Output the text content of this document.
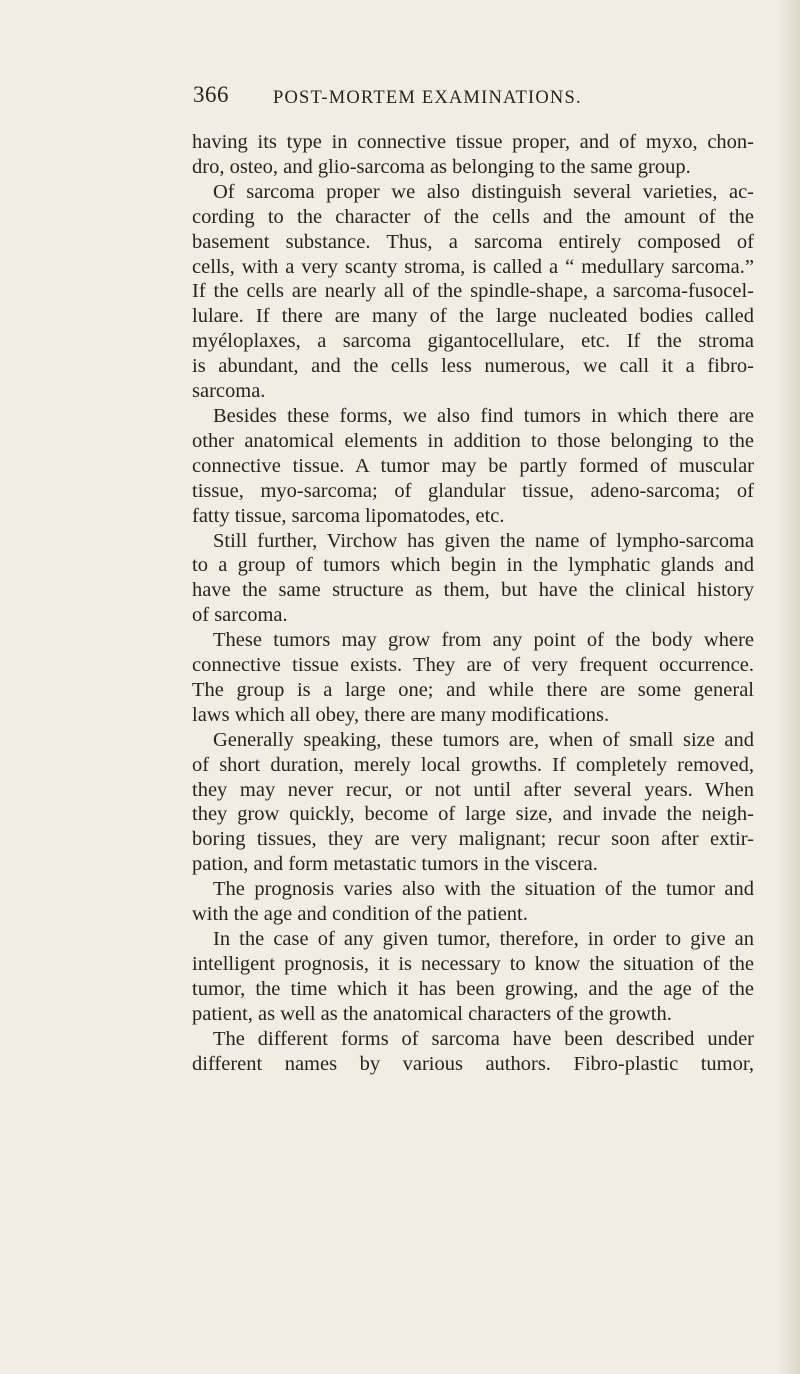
366 POST-MORTEM EXAMINATIONS.
having its type in connective tissue proper, and of myxo, chon-
dro, osteo, and glio-sarcoma as belonging to the same group.
Of sarcoma proper we also distinguish several varieties, ac-
cording to the character of the cells and the amount of the
basement substance. Thus, a sarcoma entirely composed of
cells, with a very scanty stroma, is called a “ medullary sarcoma.”
If the cells are nearly all of the spindle-shape, a sarcoma-fusocel-
lulare. If there are many of the large nucleated bodies called
myéloplaxes, a sarcoma gigantocellulare, etc. If the stroma
is abundant, and the cells less numerous, we call it a fibro-
sarcoma.
Besides these forms, we also find tumors in which there are
other anatomical elements in addition to those belonging to the
connective tissue. A tumor may be partly formed of muscular
tissue, myo-sarcoma; of glandular tissue, adeno-sarcoma; of
fatty tissue, sarcoma lipomatodes, etc.
Still further, Virchow has given the name of lympho-sarcoma
to a group of tumors which begin in the lymphatic glands and
have the same structure as them, but have the clinical history
of sarcoma.
These tumors may grow from any point of the body where
connective tissue exists. They are of very frequent occurrence.
The group is a large one; and while there are some general
laws which all obey, there are many modifications.
Generally speaking, these tumors are, when of small size and
of short duration, merely local growths. If completely removed,
they may never recur, or not until after several years. When
they grow quickly, become of large size, and invade the neigh-
boring tissues, they are very malignant; recur soon after extir-
pation, and form metastatic tumors in the viscera.
The prognosis varies also with the situation of the tumor and
with the age and condition of the patient.
In the case of any given tumor, therefore, in order to give an
intelligent prognosis, it is necessary to know the situation of the
tumor, the time which it has been growing, and the age of the
patient, as well as the anatomical characters of the growth.
The different forms of sarcoma have been described under
different names by various authors. Fibro-plastic tumor,
